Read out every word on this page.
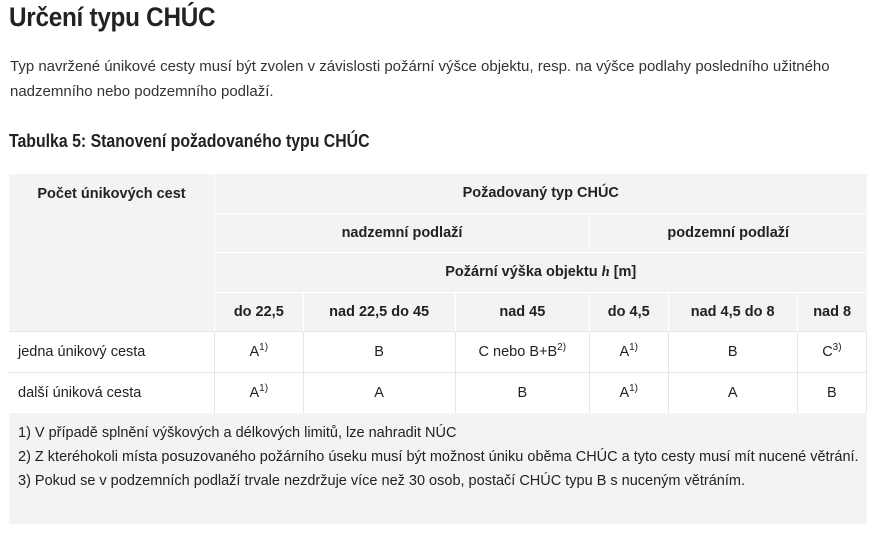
Určení typu CHÚC

Typ navržené únikové cesty musí být zvolen v závislosti požární výšce objektu, resp. na výšce podlahy posledního užitného nadzemního nebo podzemního podlaží.

Tabulka 5: Stanovení požadovaného typu CHÚC
Počet únikových cest	Požadovaný typ CHÚC					
	nadzemní podlaží			podzemní podlaží		
	Požární výška objektu h [m]					
	do 22,5	nad 22,5 do 45	nad 45	do 4,5	nad 4,5 do 8	nad 8
jedna únikový cesta	$A^{1)}$	B	C nebo $B+B^{2)}$	$A^{1)}$	B	$C^{3)}$
další úniková cesta	$A^{1)}$	A	B	$A^{1)}$	A	B

1) V případě splnění výškových a délkových limitů, lze nahradit NÚC

2) Z kteréhokoli místa posuzovaného požárního úseku musí být možnost úniku oběma CHÚC a tyto cesty musí mít nucené větrání.

3) Pokud se v podzemních podlaží trvale nezdržuje více než 30 osob, postačí CHÚC typu B s nuceným větráním.
